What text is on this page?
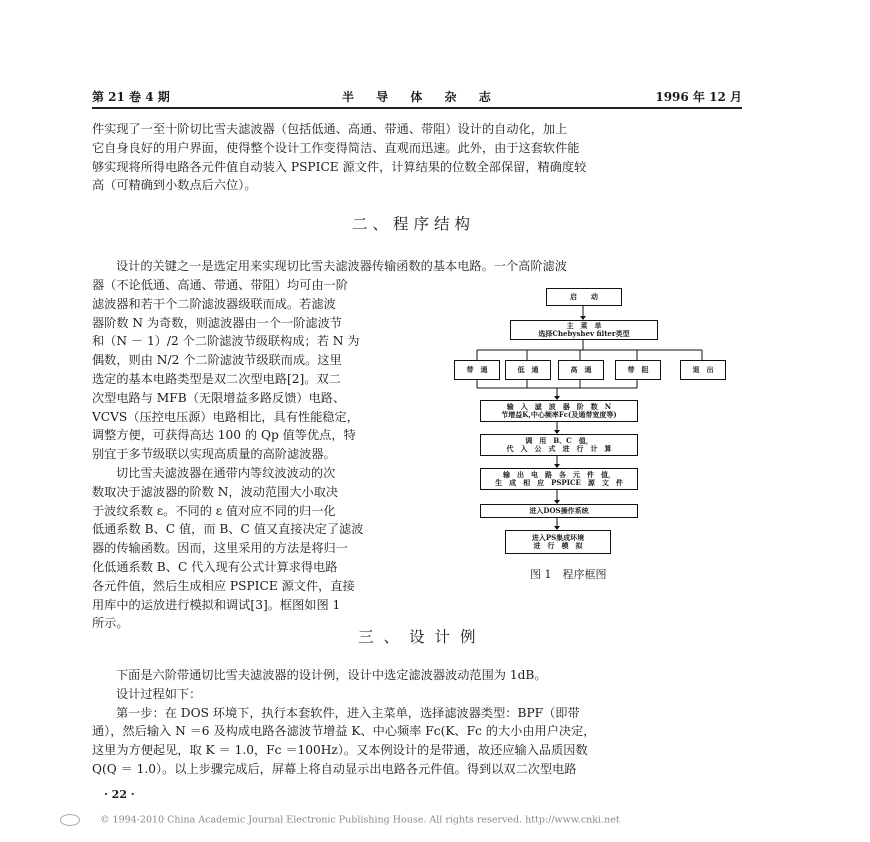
第 21 卷 4 期	半 导 体 杂 志	1996 年 12 月

件实现了一至十阶切比雪夫滤波器（包括低通、高通、带通、带阻）设计的自动化，加上

它自身良好的用户界面，使得整个设计工作变得简洁、直观而迅速。此外，由于这套软件能

够实现将所得电路各元件值自动装入 PSPICE 源文件，计算结果的位数全部保留，精确度较

高（可精确到小数点后六位）。

二、程序结构

设计的关键之一是选定用来实现切比雪夫滤波器传输函数的基本电路。一个高阶滤波

器（不论低通、高通、带通、带阻）均可由一阶

滤波器和若干个二阶滤波器级联而成。若滤波

器阶数 N 为奇数，则滤波器由一个一阶滤波节

和（N － 1）/2 个二阶滤波节级联构成；若 N 为

偶数，则由 N/2 个二阶滤波节级联而成。这里

选定的基本电路类型是双二次型电路[2]。双二

次型电路与 MFB（无限增益多路反馈）电路、

VCVS（压控电压源）电路相比，具有性能稳定，

调整方便，可获得高达 100 的 Qp 值等优点，特

别宜于多节级联以实现高质量的高阶滤波器。

切比雪夫滤波器在通带内等纹波波动的次

数取决于滤波器的阶数 N，波动范围大小取决

于波纹系数 ε。不同的 ε 值对应不同的归一化

低通系数 B、C 值，而 B、C 值又直接决定了滤波

器的传输函数。因而，这里采用的方法是将归一

化低通系数 B、C 代入现有公式计算求得电路

各元件值，然后生成相应 PSPICE 源文件，直接

用库中的运放进行模拟和调试[3]。框图如图 1

所示。

启　　动
主　菜　单
选择Chebyshev filter类型
带　通	低　通	高　通	带　阻	退　出
输　入　滤　波　器　阶　数　N
节增益K,中心频率Fc(及通带宽度等)
调　用　B、C　值，
代　入　公　式　进　行　计　算
输　出　电　路　各　元　件　值，
生　成　相　应　PSPICE　源　文　件
进入DOS操作系统
进入PS集成环境
进　行　模　拟
图 1　程序框图
三、设计例

下面是六阶带通切比雪夫滤波器的设计例，设计中选定滤波器波动范围为 1dB。

设计过程如下：

第一步：在 DOS 环境下，执行本套软件，进入主菜单，选择滤波器类型：BPF（即带

通），然后输入 N ＝6 及构成电路各滤波节增益 K、中心频率 Fc(K、Fc 的大小由用户决定，

这里为方便起见，取 K ＝ 1.0，Fc ＝100Hz）。又本例设计的是带通，故还应输入品质因数

Q(Q ＝ 1.0）。以上步骤完成后，屏幕上将自动显示出电路各元件值。得到以双二次型电路

· 22 ·
© 1994-2010 China Academic Journal Electronic Publishing House. All rights reserved. http://www.cnki.net
